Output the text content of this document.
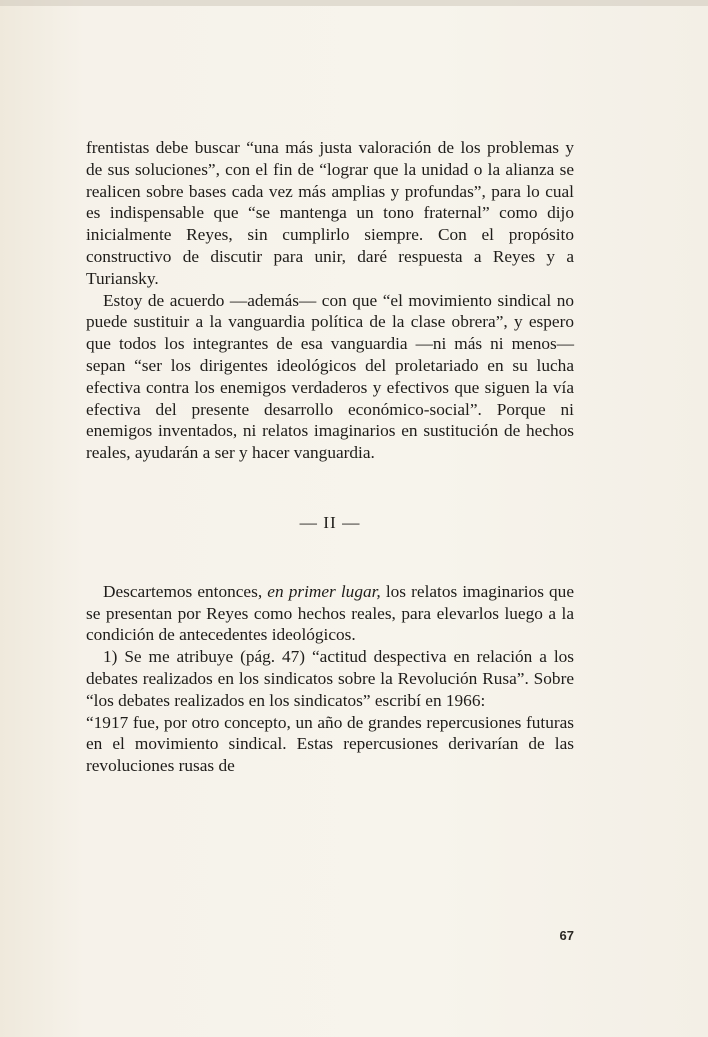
frentistas debe buscar “una más justa valoración de los problemas y de sus soluciones”, con el fin de “lograr que la unidad o la alianza se realicen sobre bases cada vez más amplias y profundas”, para lo cual es indispensable que “se mantenga un tono fraternal” como dijo inicialmente Reyes, sin cumplirlo siempre. Con el propósito constructivo de discutir para unir, daré respuesta a Reyes y a Turiansky.

Estoy de acuerdo —además— con que “el movimiento sindical no puede sustituir a la vanguardia política de la clase obrera”, y espero que todos los integrantes de esa vanguardia —ni más ni menos— sepan “ser los dirigentes ideológicos del proletariado en su lucha efectiva contra los enemigos verdaderos y efectivos que siguen la vía efectiva del presente desarrollo económico-social”. Porque ni enemigos inventados, ni relatos imaginarios en sustitución de hechos reales, ayudarán a ser y hacer vanguardia.

— II —

Descartemos entonces, en primer lugar, los relatos imaginarios que se presentan por Reyes como hechos reales, para elevarlos luego a la condición de antecedentes ideológicos.

1) Se me atribuye (pág. 47) “actitud despectiva en relación a los debates realizados en los sindicatos sobre la Revolución Rusa”. Sobre “los debates realizados en los sindicatos” escribí en 1966:

“1917 fue, por otro concepto, un año de grandes repercusiones futuras en el movimiento sindical. Estas repercusiones derivarían de las revoluciones rusas de

67
